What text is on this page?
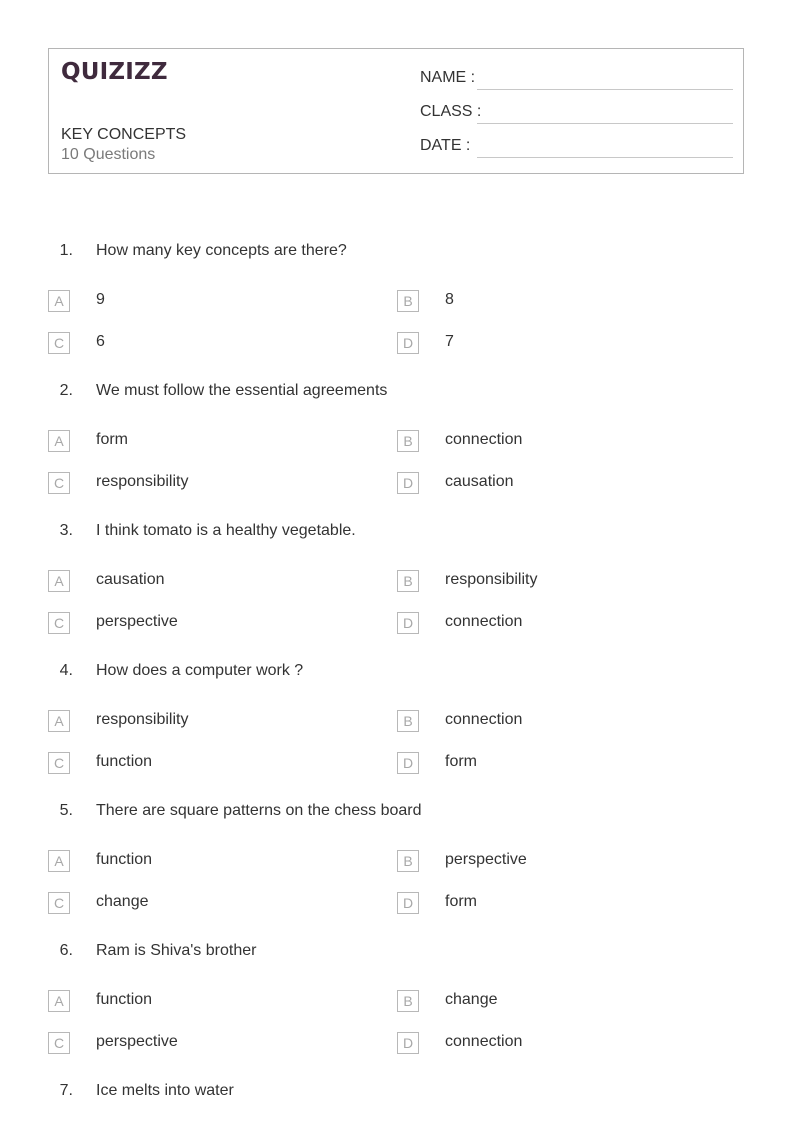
QUIZIZZ
KEY CONCEPTS
10 Questions
NAME :
CLASS :
DATE :
1. How many key concepts are there?
A	9	B	8
C	6	D	7
2. We must follow the essential agreements
A	form	B	connection
C	responsibility	D	causation
3. I think tomato is a healthy vegetable.
A	causation	B	responsibility
C	perspective	D	connection
4. How does a computer work ?
A	responsibility	B	connection
C	function	D	form
5. There are square patterns on the chess board
A	function	B	perspective
C	change	D	form
6. Ram is Shiva's brother
A	function	B	change
C	perspective	D	connection
7. Ice melts into water
